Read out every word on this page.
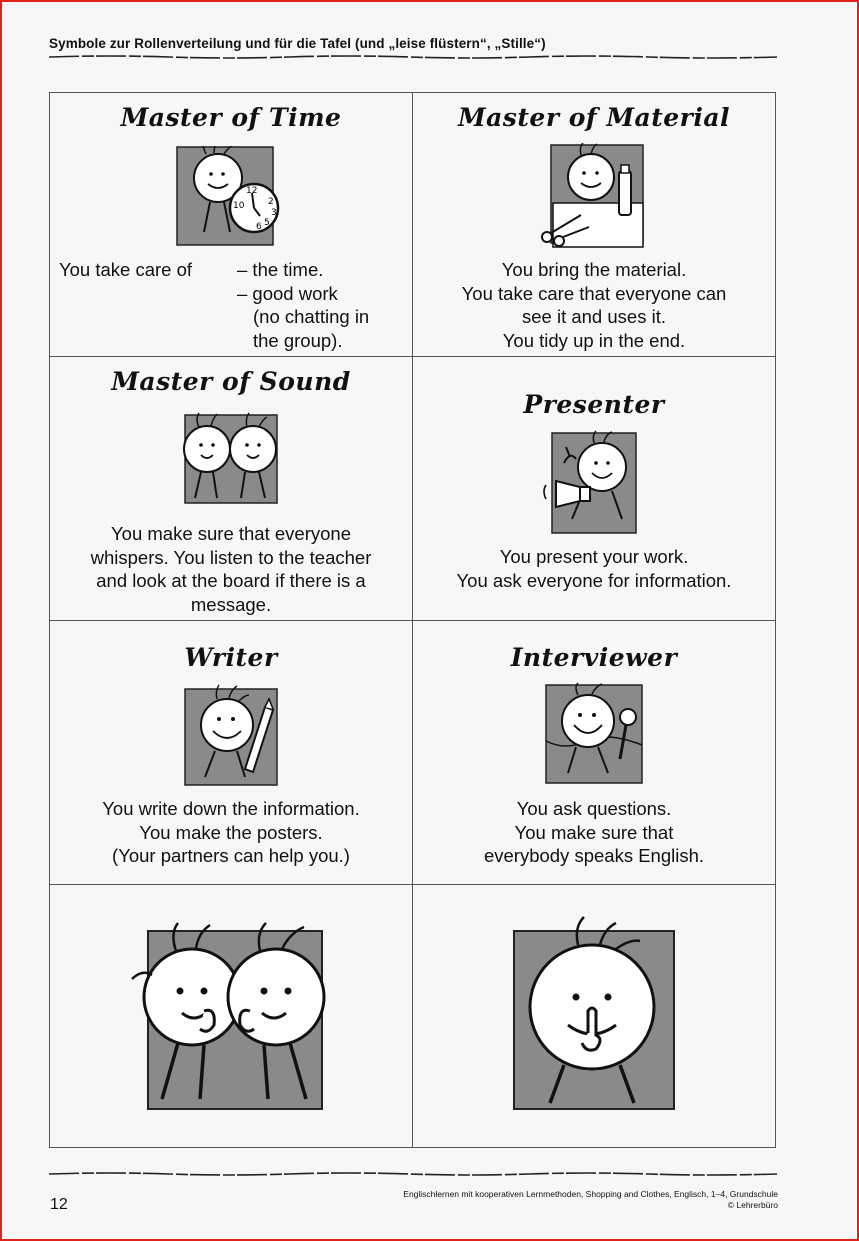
Symbole zur Rollenverteilung und für die Tafel (und „leise flüstern“, „Stille“)
Master of Time
12
2
3
10
6 5
You take care of – the time.
– good work
(no chatting in
the group).
Master of Material
You bring the material.
You take care that everyone can
see it and uses it.
You tidy up in the end.
Master of Sound
You make sure that everyone
whispers. You listen to the teacher
and look at the board if there is a
message.
Presenter
You present your work.
You ask everyone for information.
Writer
You write down the information.
You make the posters.
(Your partners can help you.)
Interviewer
You ask questions.
You make sure that
everybody speaks English.
12
Englischlernen mit kooperativen Lernmethoden, Shopping and Clothes, Englisch, 1–4, Grundschule
© Lehrerbüro
